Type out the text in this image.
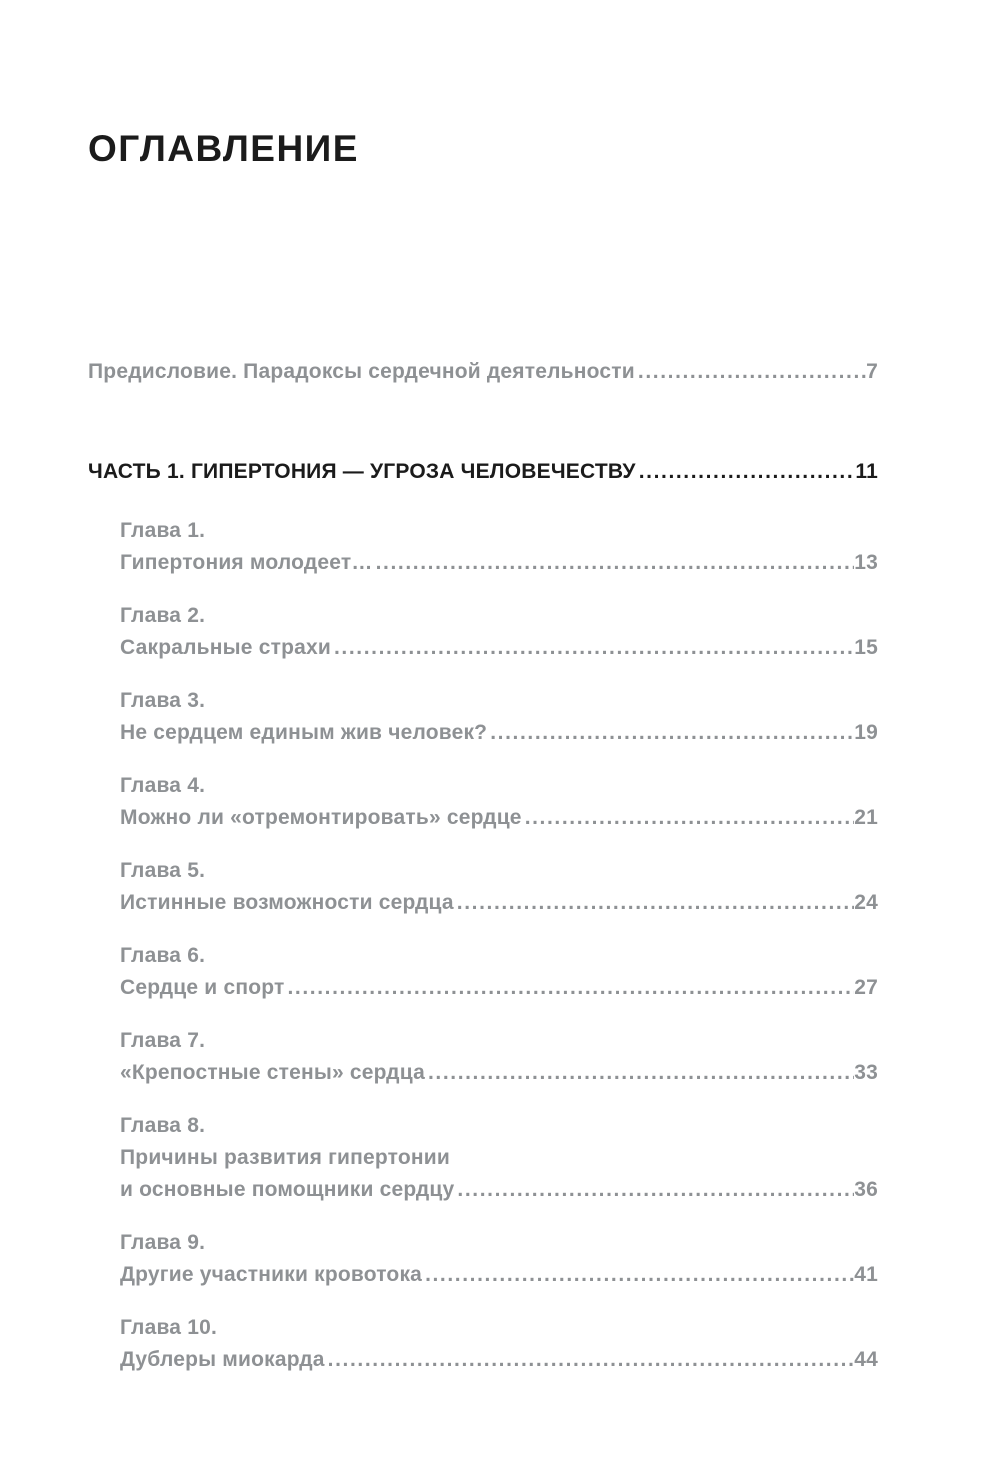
ОГЛАВЛЕНИЕ
Предисловие. Парадоксы сердечной деятельности .....	7
ЧАСТЬ 1. ГИПЕРТОНИЯ — УГРОЗА ЧЕЛОВЕЧЕСТВУ .....	11
Глава 1.
Гипертония молодеет… .....	13
Глава 2.
Сакральные страхи .....	15
Глава 3.
Не сердцем единым жив человек? .....	19
Глава 4.
Можно ли «отремонтировать» сердце .....	21
Глава 5.
Истинные возможности сердца .....	24
Глава 6.
Сердце и спорт .....	27
Глава 7.
«Крепостные стены» сердца .....	33
Глава 8.
Причины развития гипертонии
и основные помощники сердцу .....	36
Глава 9.
Другие участники кровотока .....	41
Глава 10.
Дублеры миокарда .....	44
